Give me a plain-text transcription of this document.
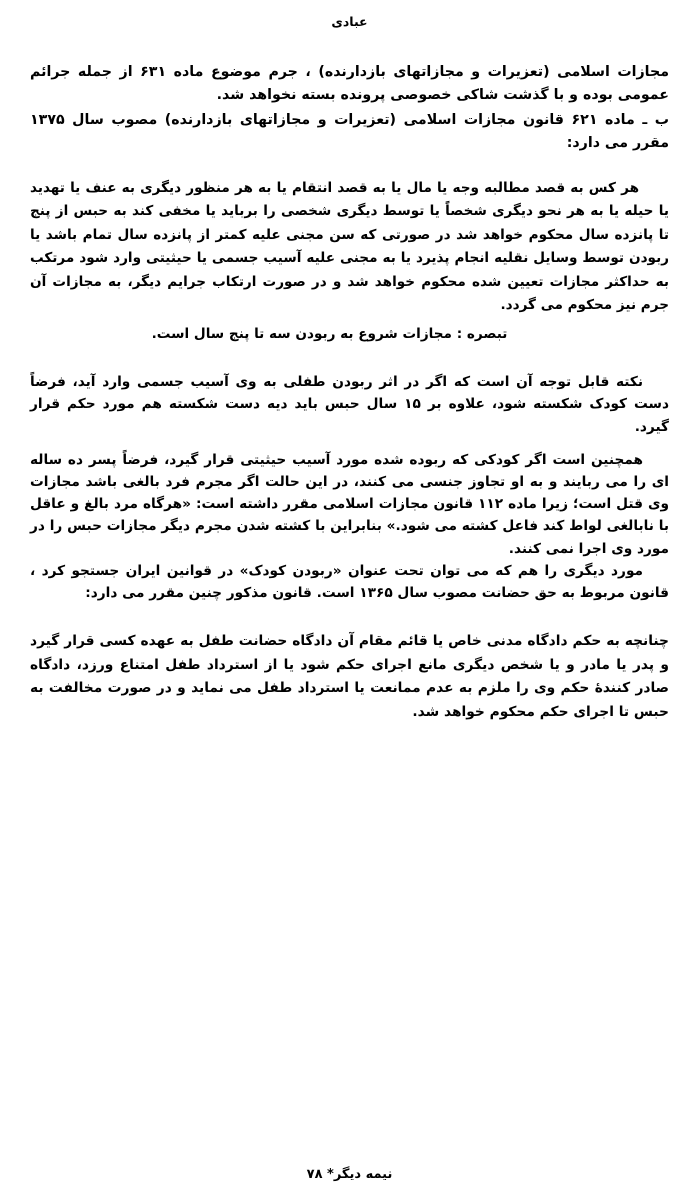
عبادی

مجازات اسلامی (تعزیرات و مجازاتهای بازدارنده) ، جرم موضوع ماده ۶۳۱ از جمله جرائم عمومی بوده و با گذشت شاکی خصوصی پرونده بسته نخواهد شد.

ب ـ ماده ۶۲۱ قانون مجازات اسلامی (تعزیرات و مجازاتهای بازدارنده) مصوب سال ۱۳۷۵ مقرر می دارد:

هر کس به قصد مطالبه وجه یا مال یا به قصد انتقام یا به هر منظور دیگری به عنف یا تهدید یا حیله یا به هر نحو دیگری شخصاً یا توسط دیگری شخصی را برباید یا مخفی کند به حبس از پنج تا پانزده سال محکوم خواهد شد در صورتی که سن مجنی علیه کمتر از پانزده سال تمام باشد یا ربودن توسط وسایل نقلیه انجام پذیرد یا به مجنی علیه آسیب جسمی یا حیثیتی وارد شود مرتکب به حداکثر مجازات تعیین شده محکوم خواهد شد و در صورت ارتکاب جرایم دیگر، به مجازات آن جرم نیز محکوم می گردد.

تبصره : مجازات شروع به ربودن سه تا پنج سال است.

نکته قابل توجه آن است که اگر در اثر ربودن طفلی به وی آسیب جسمی وارد آید، فرضاً دست کودک شکسته شود، علاوه بر ۱۵ سال حبس باید دیه دست شکسته هم مورد حکم قرار گیرد.

همچنین است اگر کودکی که ربوده شده مورد آسیب حیثیتی قرار گیرد، فرضاً پسر ده ساله ای را می ربایند و به او تجاوز جنسی می کنند، در این حالت اگر مجرم فرد بالغی باشد مجازات وی قتل است؛ زیرا ماده ۱۱۲ قانون مجازات اسلامی مقرر داشته است: «هرگاه مرد بالغ و عاقل با نابالغی لواط کند فاعل کشته می شود.» بنابراین با کشته شدن مجرم دیگر مجازات حبس را در مورد وی اجرا نمی کنند.

مورد دیگری را هم که می توان تحت عنوان «ربودن کودک» در قوانین ایران جستجو کرد ، قانون مربوط به حق حضانت مصوب سال ۱۳۶۵ است. قانون مذکور چنین مقرر می دارد:

چنانچه به حکم دادگاه مدنی خاص یا قائم مقام آن دادگاه حضانت طفل به عهده کسی قرار گیرد و پدر یا مادر و یا شخص دیگری مانع اجرای حکم شود یا از استرداد طفل امتناع ورزد، دادگاه صادر کنندۀ حکم وی را ملزم به عدم ممانعت یا استرداد طفل می نماید و در صورت مخالفت به حبس تا اجرای حکم محکوم خواهد شد.

نیمه دیگر* ۷۸
